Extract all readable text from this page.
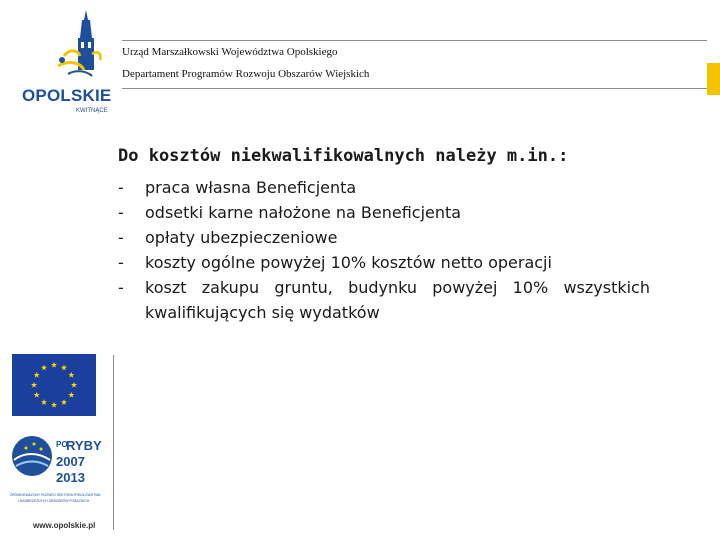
OPOLSKIE
KWITNĄCE
Urząd Marszałkowski Województwa Opolskiego
Departament Programów Rozwoju Obszarów Wiejskich
Do kosztów niekwalifikowalnych należy m.in.:
- praca własna Beneficjenta
- odsetki karne nałożone na Beneficjenta
- opłaty ubezpieczeniowe
- koszty ogólne powyżej 10% kosztów netto operacji
- koszt zakupu gruntu, budynku powyżej 10% wszystkich kwalifikujących się wydatków
PO
RYBY
2007
2013
ZRÓWNOWAŻONY ROZWÓJ SEKTORA RYBOŁÓWSTWA
I NADBRZEŻNYCH OBSZARÓW RYBACKICH
www.opolskie.pl
